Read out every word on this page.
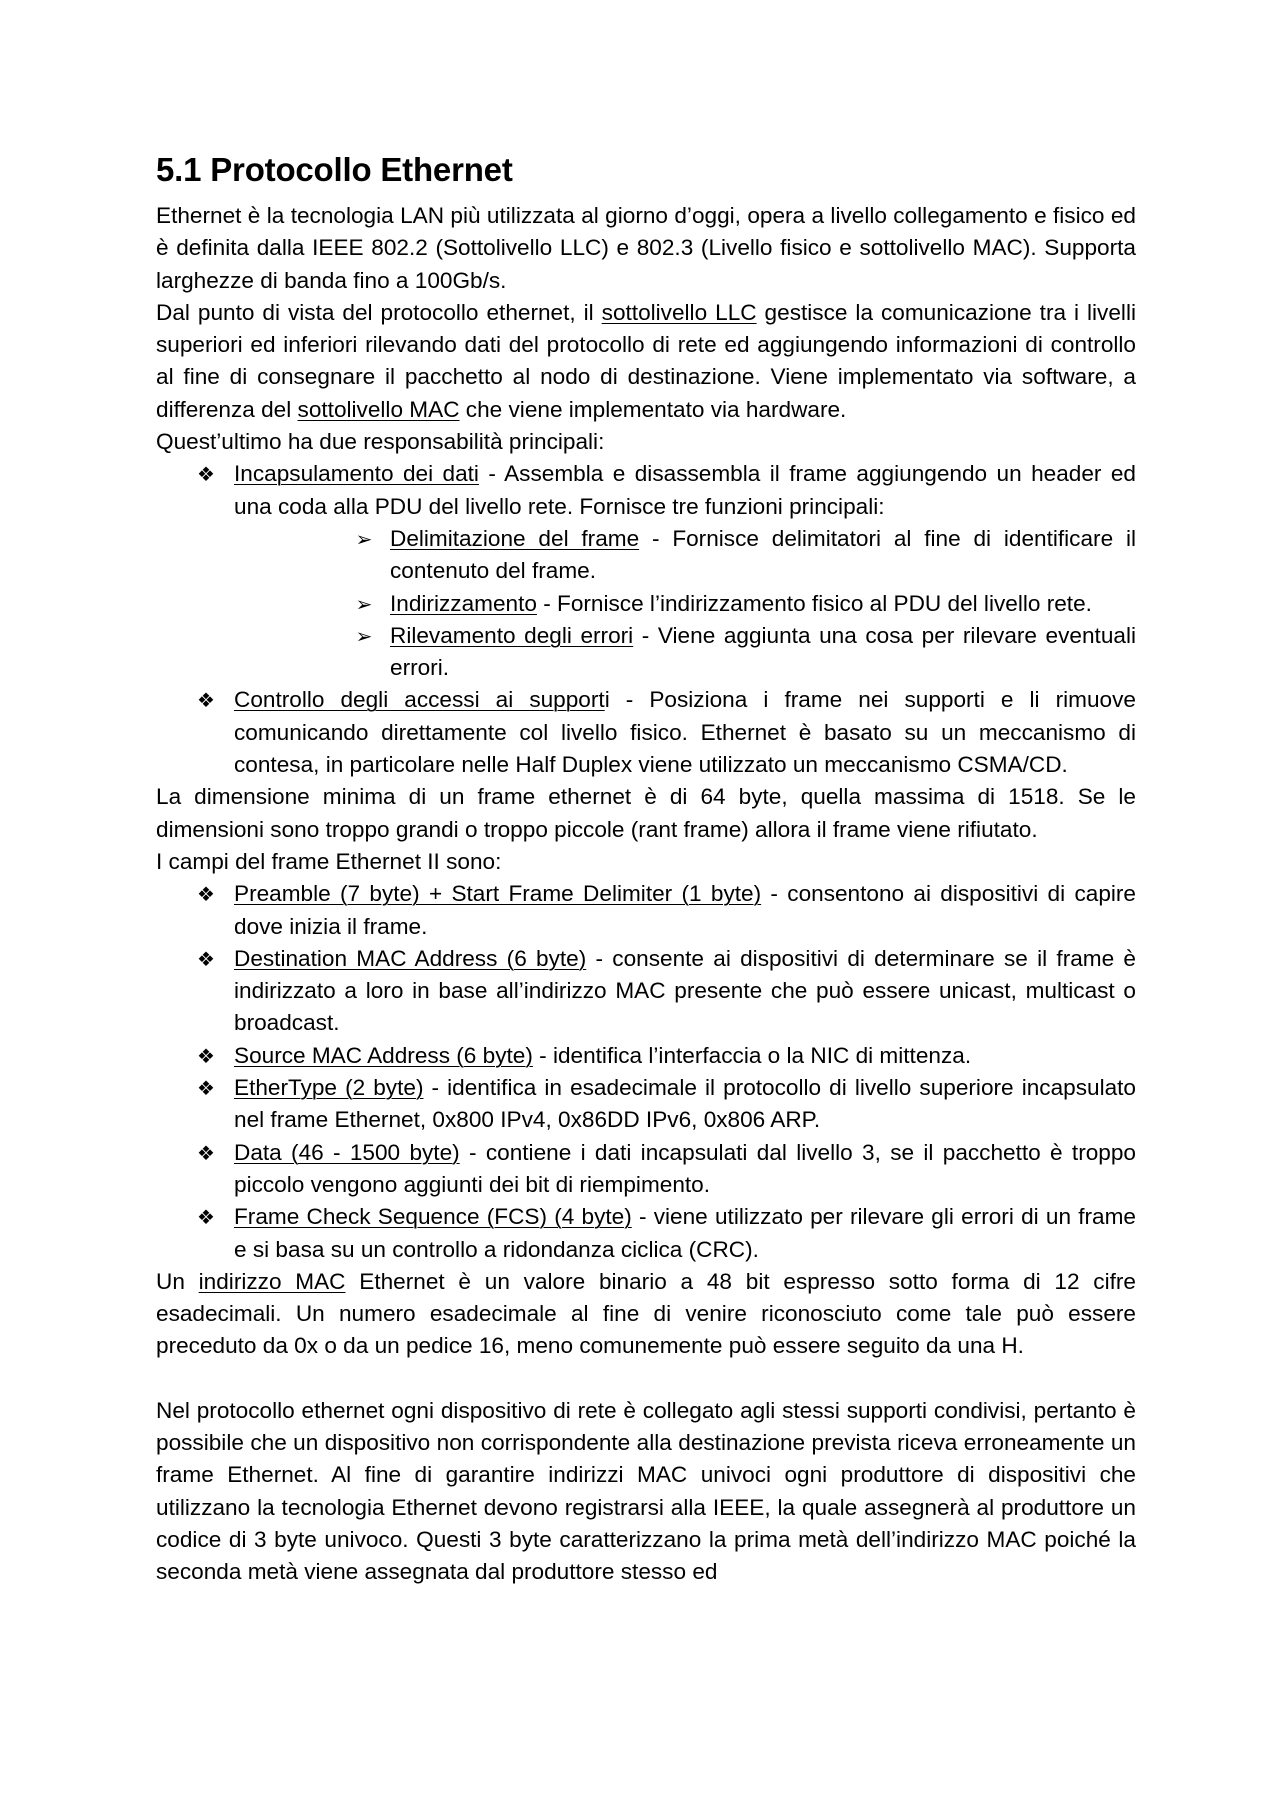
5.1 Protocollo Ethernet

Ethernet è la tecnologia LAN più utilizzata al giorno d’oggi, opera a livello collegamento e fisico ed è definita dalla IEEE 802.2 (Sottolivello LLC) e 802.3 (Livello fisico e sottolivello MAC). Supporta larghezze di banda fino a 100Gb/s.

Dal punto di vista del protocollo ethernet, il sottolivello LLC gestisce la comunicazione tra i livelli superiori ed inferiori rilevando dati del protocollo di rete ed aggiungendo informazioni di controllo al fine di consegnare il pacchetto al nodo di destinazione. Viene implementato via software, a differenza del sottolivello MAC che viene implementato via hardware.

Quest’ultimo ha due responsabilità principali:

❖ Incapsulamento dei dati - Assembla e disassembla il frame aggiungendo un header ed una coda alla PDU del livello rete. Fornisce tre funzioni principali:
➢ Delimitazione del frame - Fornisce delimitatori al fine di identificare il contenuto del frame.
➢ Indirizzamento - Fornisce l’indirizzamento fisico al PDU del livello rete.
➢ Rilevamento degli errori - Viene aggiunta una cosa per rilevare eventuali errori.
❖ Controllo degli accessi ai supporti - Posiziona i frame nei supporti e li rimuove comunicando direttamente col livello fisico. Ethernet è basato su un meccanismo di contesa, in particolare nelle Half Duplex viene utilizzato un meccanismo CSMA/CD.

La dimensione minima di un frame ethernet è di 64 byte, quella massima di 1518. Se le dimensioni sono troppo grandi o troppo piccole (rant frame) allora il frame viene rifiutato.

I campi del frame Ethernet II sono:

❖ Preamble (7 byte) + Start Frame Delimiter (1 byte) - consentono ai dispositivi di capire dove inizia il frame.
❖ Destination MAC Address (6 byte) - consente ai dispositivi di determinare se il frame è indirizzato a loro in base all’indirizzo MAC presente che può essere unicast, multicast o broadcast.
❖ Source MAC Address (6 byte) - identifica l’interfaccia o la NIC di mittenza.
❖ EtherType (2 byte) - identifica in esadecimale il protocollo di livello superiore incapsulato nel frame Ethernet, 0x800 IPv4, 0x86DD IPv6, 0x806 ARP.
❖ Data (46 - 1500 byte) - contiene i dati incapsulati dal livello 3, se il pacchetto è troppo piccolo vengono aggiunti dei bit di riempimento.
❖ Frame Check Sequence (FCS) (4 byte) - viene utilizzato per rilevare gli errori di un frame e si basa su un controllo a ridondanza ciclica (CRC).

Un indirizzo MAC Ethernet è un valore binario a 48 bit espresso sotto forma di 12 cifre esadecimali. Un numero esadecimale al fine di venire riconosciuto come tale può essere preceduto da 0x o da un pedice 16, meno comunemente può essere seguito da una H.

Nel protocollo ethernet ogni dispositivo di rete è collegato agli stessi supporti condivisi, pertanto è possibile che un dispositivo non corrispondente alla destinazione prevista riceva erroneamente un frame Ethernet. Al fine di garantire indirizzi MAC univoci ogni produttore di dispositivi che utilizzano la tecnologia Ethernet devono registrarsi alla IEEE, la quale assegnerà al produttore un codice di 3 byte univoco. Questi 3 byte caratterizzano la prima metà dell’indirizzo MAC poiché la seconda metà viene assegnata dal produttore stesso ed
